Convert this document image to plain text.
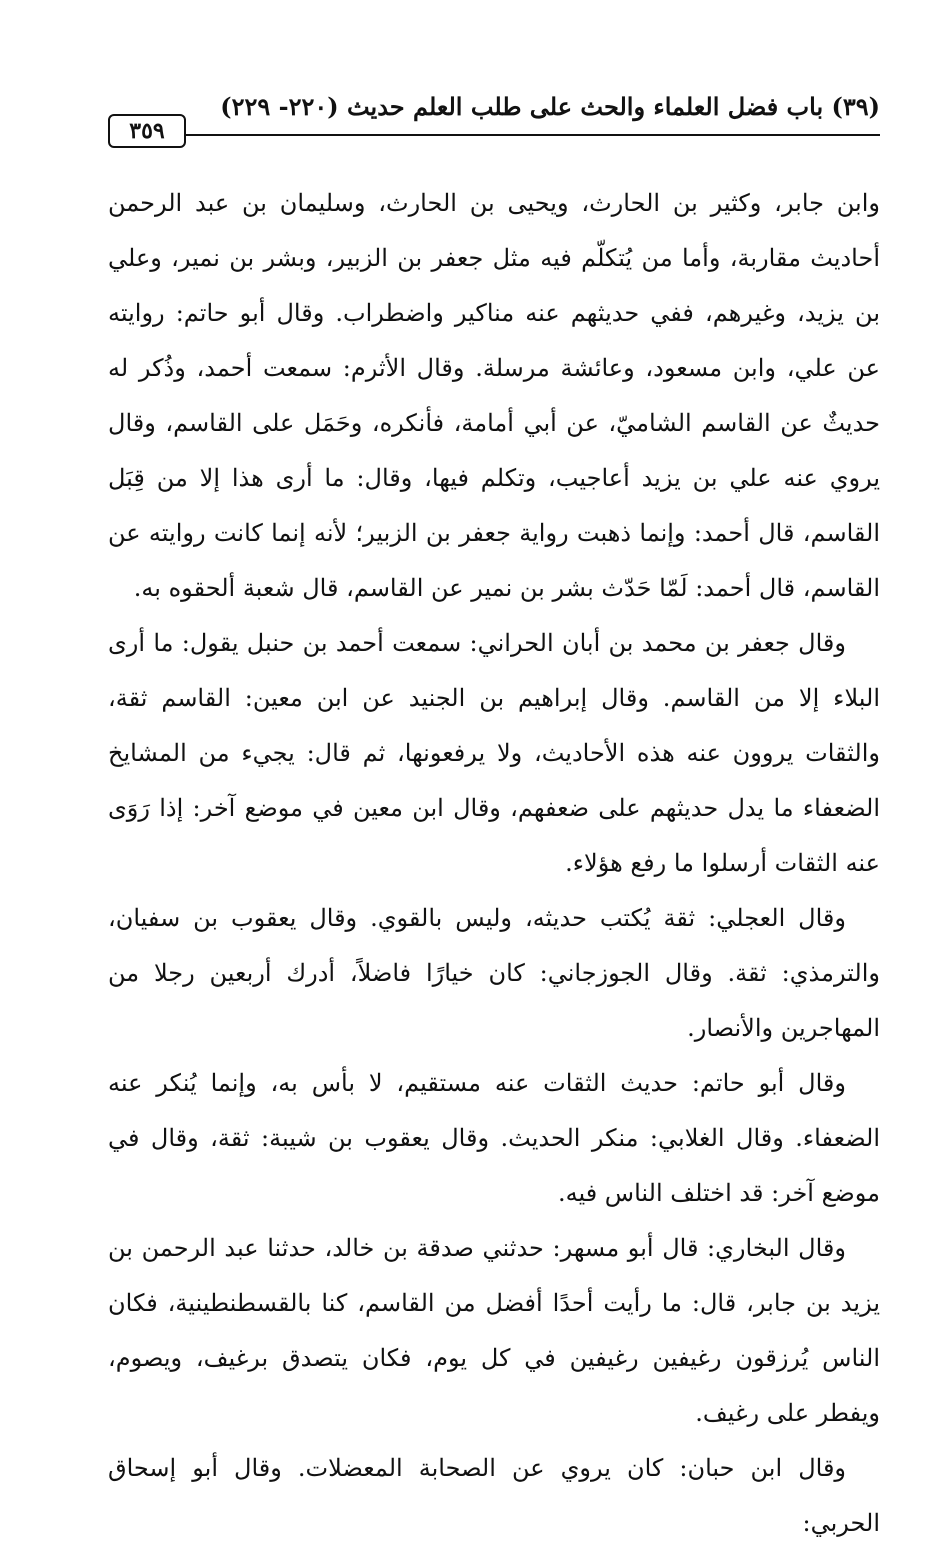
(٣٩) باب فضل العلماء والحث على طلب العلم حديث (٢٢٠- ٢٢٩)
٣٥٩

وابن جابر، وكثير بن الحارث، ويحيى بن الحارث، وسليمان بن عبد الرحمن أحاديث مقاربة، وأما من يُتكلّم فيه مثل جعفر بن الزبير، وبشر بن نمير، وعلي بن يزيد، وغيرهم، ففي حديثهم عنه مناكير واضطراب. وقال أبو حاتم: روايته عن علي، وابن مسعود، وعائشة مرسلة. وقال الأثرم: سمعت أحمد، وذُكر له حديثٌ عن القاسم الشاميّ، عن أبي أمامة، فأنكره، وحَمَل على القاسم، وقال يروي عنه علي بن يزيد أعاجيب، وتكلم فيها، وقال: ما أرى هذا إلا من قِبَل القاسم، قال أحمد: وإنما ذهبت رواية جعفر بن الزبير؛ لأنه إنما كانت روايته عن القاسم، قال أحمد: لَمّا حَدّث بشر بن نمير عن القاسم، قال شعبة ألحقوه به.

وقال جعفر بن محمد بن أبان الحراني: سمعت أحمد بن حنبل يقول: ما أرى البلاء إلا من القاسم. وقال إبراهيم بن الجنيد عن ابن معين: القاسم ثقة، والثقات يروون عنه هذه الأحاديث، ولا يرفعونها، ثم قال: يجيء من المشايخ الضعفاء ما يدل حديثهم على ضعفهم، وقال ابن معين في موضع آخر: إذا رَوَى عنه الثقات أرسلوا ما رفع هؤلاء.

وقال العجلي: ثقة يُكتب حديثه، وليس بالقوي. وقال يعقوب بن سفيان، والترمذي: ثقة. وقال الجوزجاني: كان خيارًا فاضلاً، أدرك أربعين رجلا من المهاجرين والأنصار.

وقال أبو حاتم: حديث الثقات عنه مستقيم، لا بأس به، وإنما يُنكر عنه الضعفاء. وقال الغلابي: منكر الحديث. وقال يعقوب بن شيبة: ثقة، وقال في موضع آخر: قد اختلف الناس فيه.

وقال البخاري: قال أبو مسهر: حدثني صدقة بن خالد، حدثنا عبد الرحمن بن يزيد بن جابر، قال: ما رأيت أحدًا أفضل من القاسم، كنا بالقسطنطينية، فكان الناس يُرزقون رغيفين رغيفين في كل يوم، فكان يتصدق برغيف، ويصوم، ويفطر على رغيف.

وقال ابن حبان: كان يروي عن الصحابة المعضلات. وقال أبو إسحاق الحربي:
